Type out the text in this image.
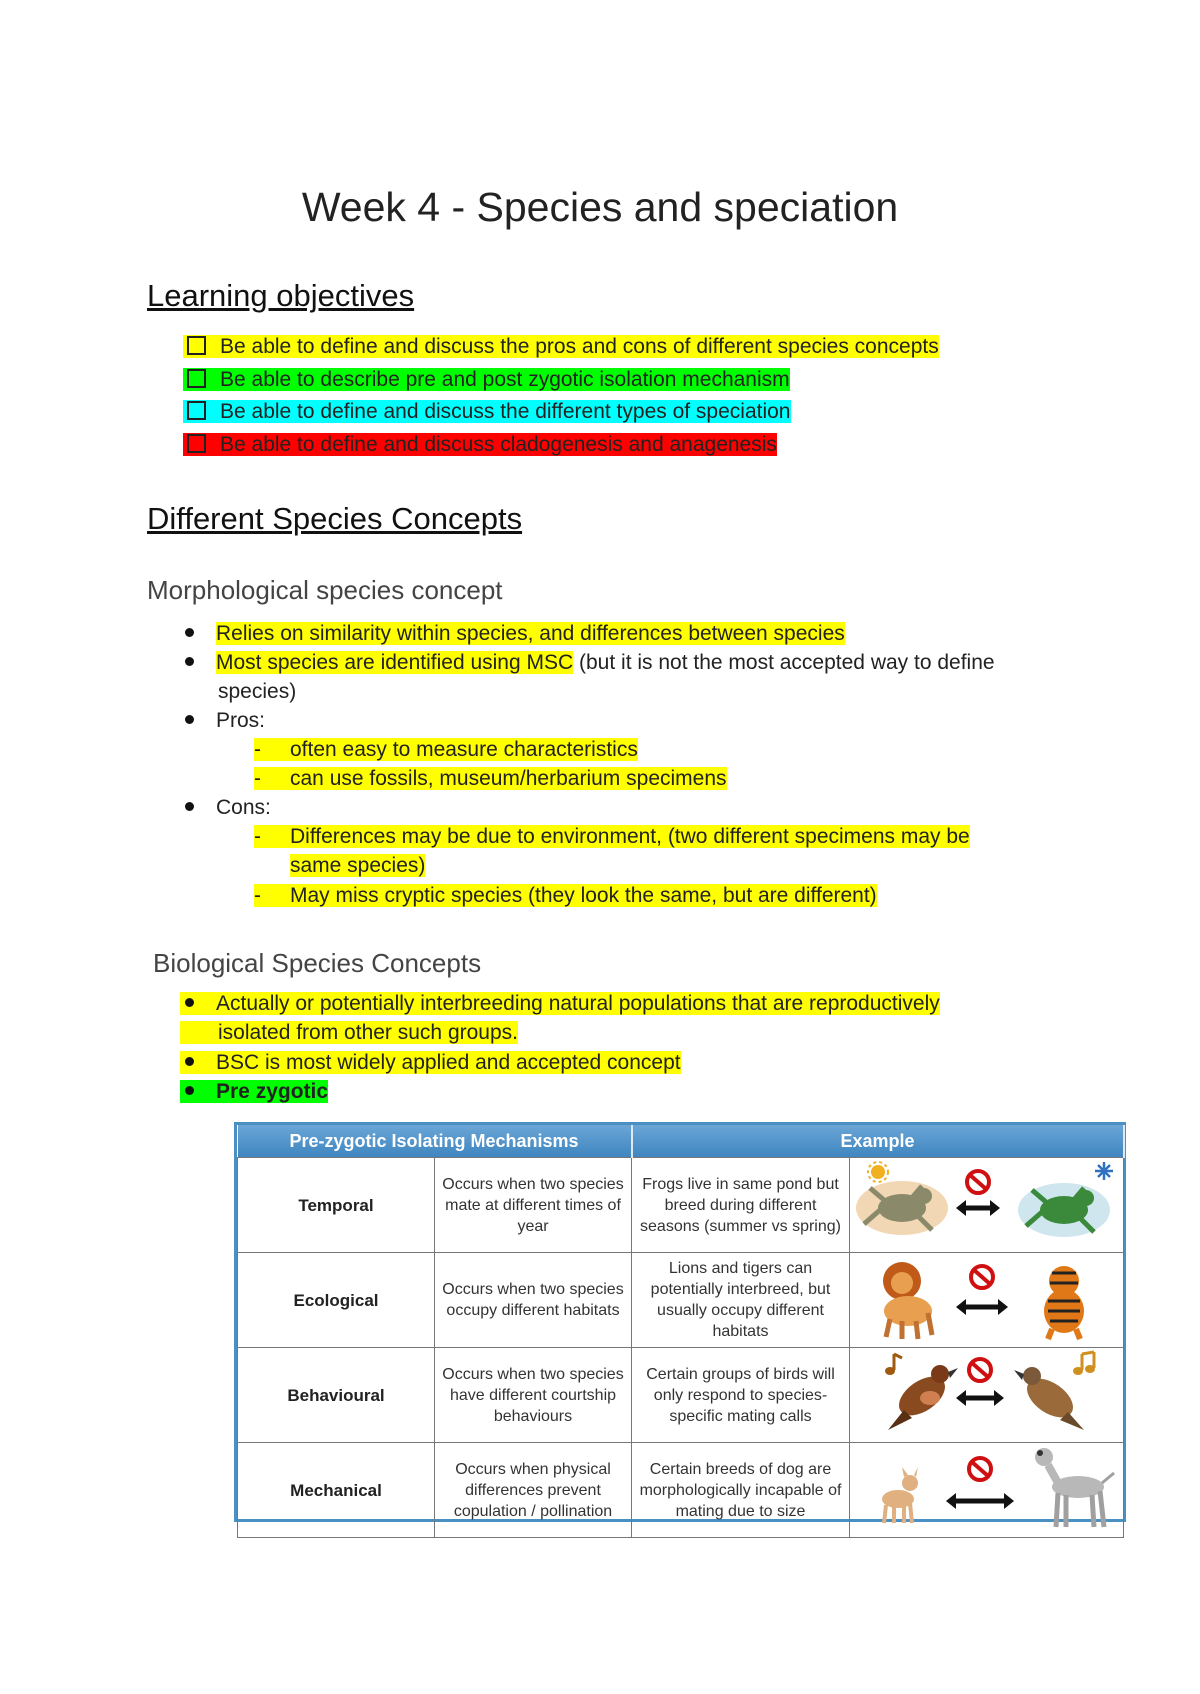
Week 4 - Species and speciation
Learning objectives
Be able to define and discuss the pros and cons of different species concepts
Be able to describe pre and post zygotic isolation mechanism
Be able to define and discuss the different types of speciation
Be able to define and discuss cladogenesis and anagenesis
Different Species Concepts
Morphological species concept
Relies on similarity within species, and differences between species
Most species are identified using MSC (but it is not the most accepted way to define
species)
Pros:
- often easy to measure characteristics
- can use fossils, museum/herbarium specimens
Cons:
- Differences may be due to environment, (two different specimens may be
same species)
- May miss cryptic species (they look the same, but are different)
Biological Species Concepts
Actually or potentially interbreeding natural populations that are reproductively
isolated from other such groups.
BSC is most widely applied and accepted concept
Pre zygotic
Pre-zygotic Isolating Mechanisms		Example	
Temporal	Occurs when two species mate at different times of year	Frogs live in same pond but breed during different seasons (summer vs spring)	
Ecological	Occurs when two species occupy different habitats	Lions and tigers can potentially interbreed, but usually occupy different habitats	
Behavioural	Occurs when two species have different courtship behaviours	Certain groups of birds will only respond to species-specific mating calls	
Mechanical	Occurs when physical differences prevent copulation / pollination	Certain breeds of dog are morphologically incapable of mating due to size	
